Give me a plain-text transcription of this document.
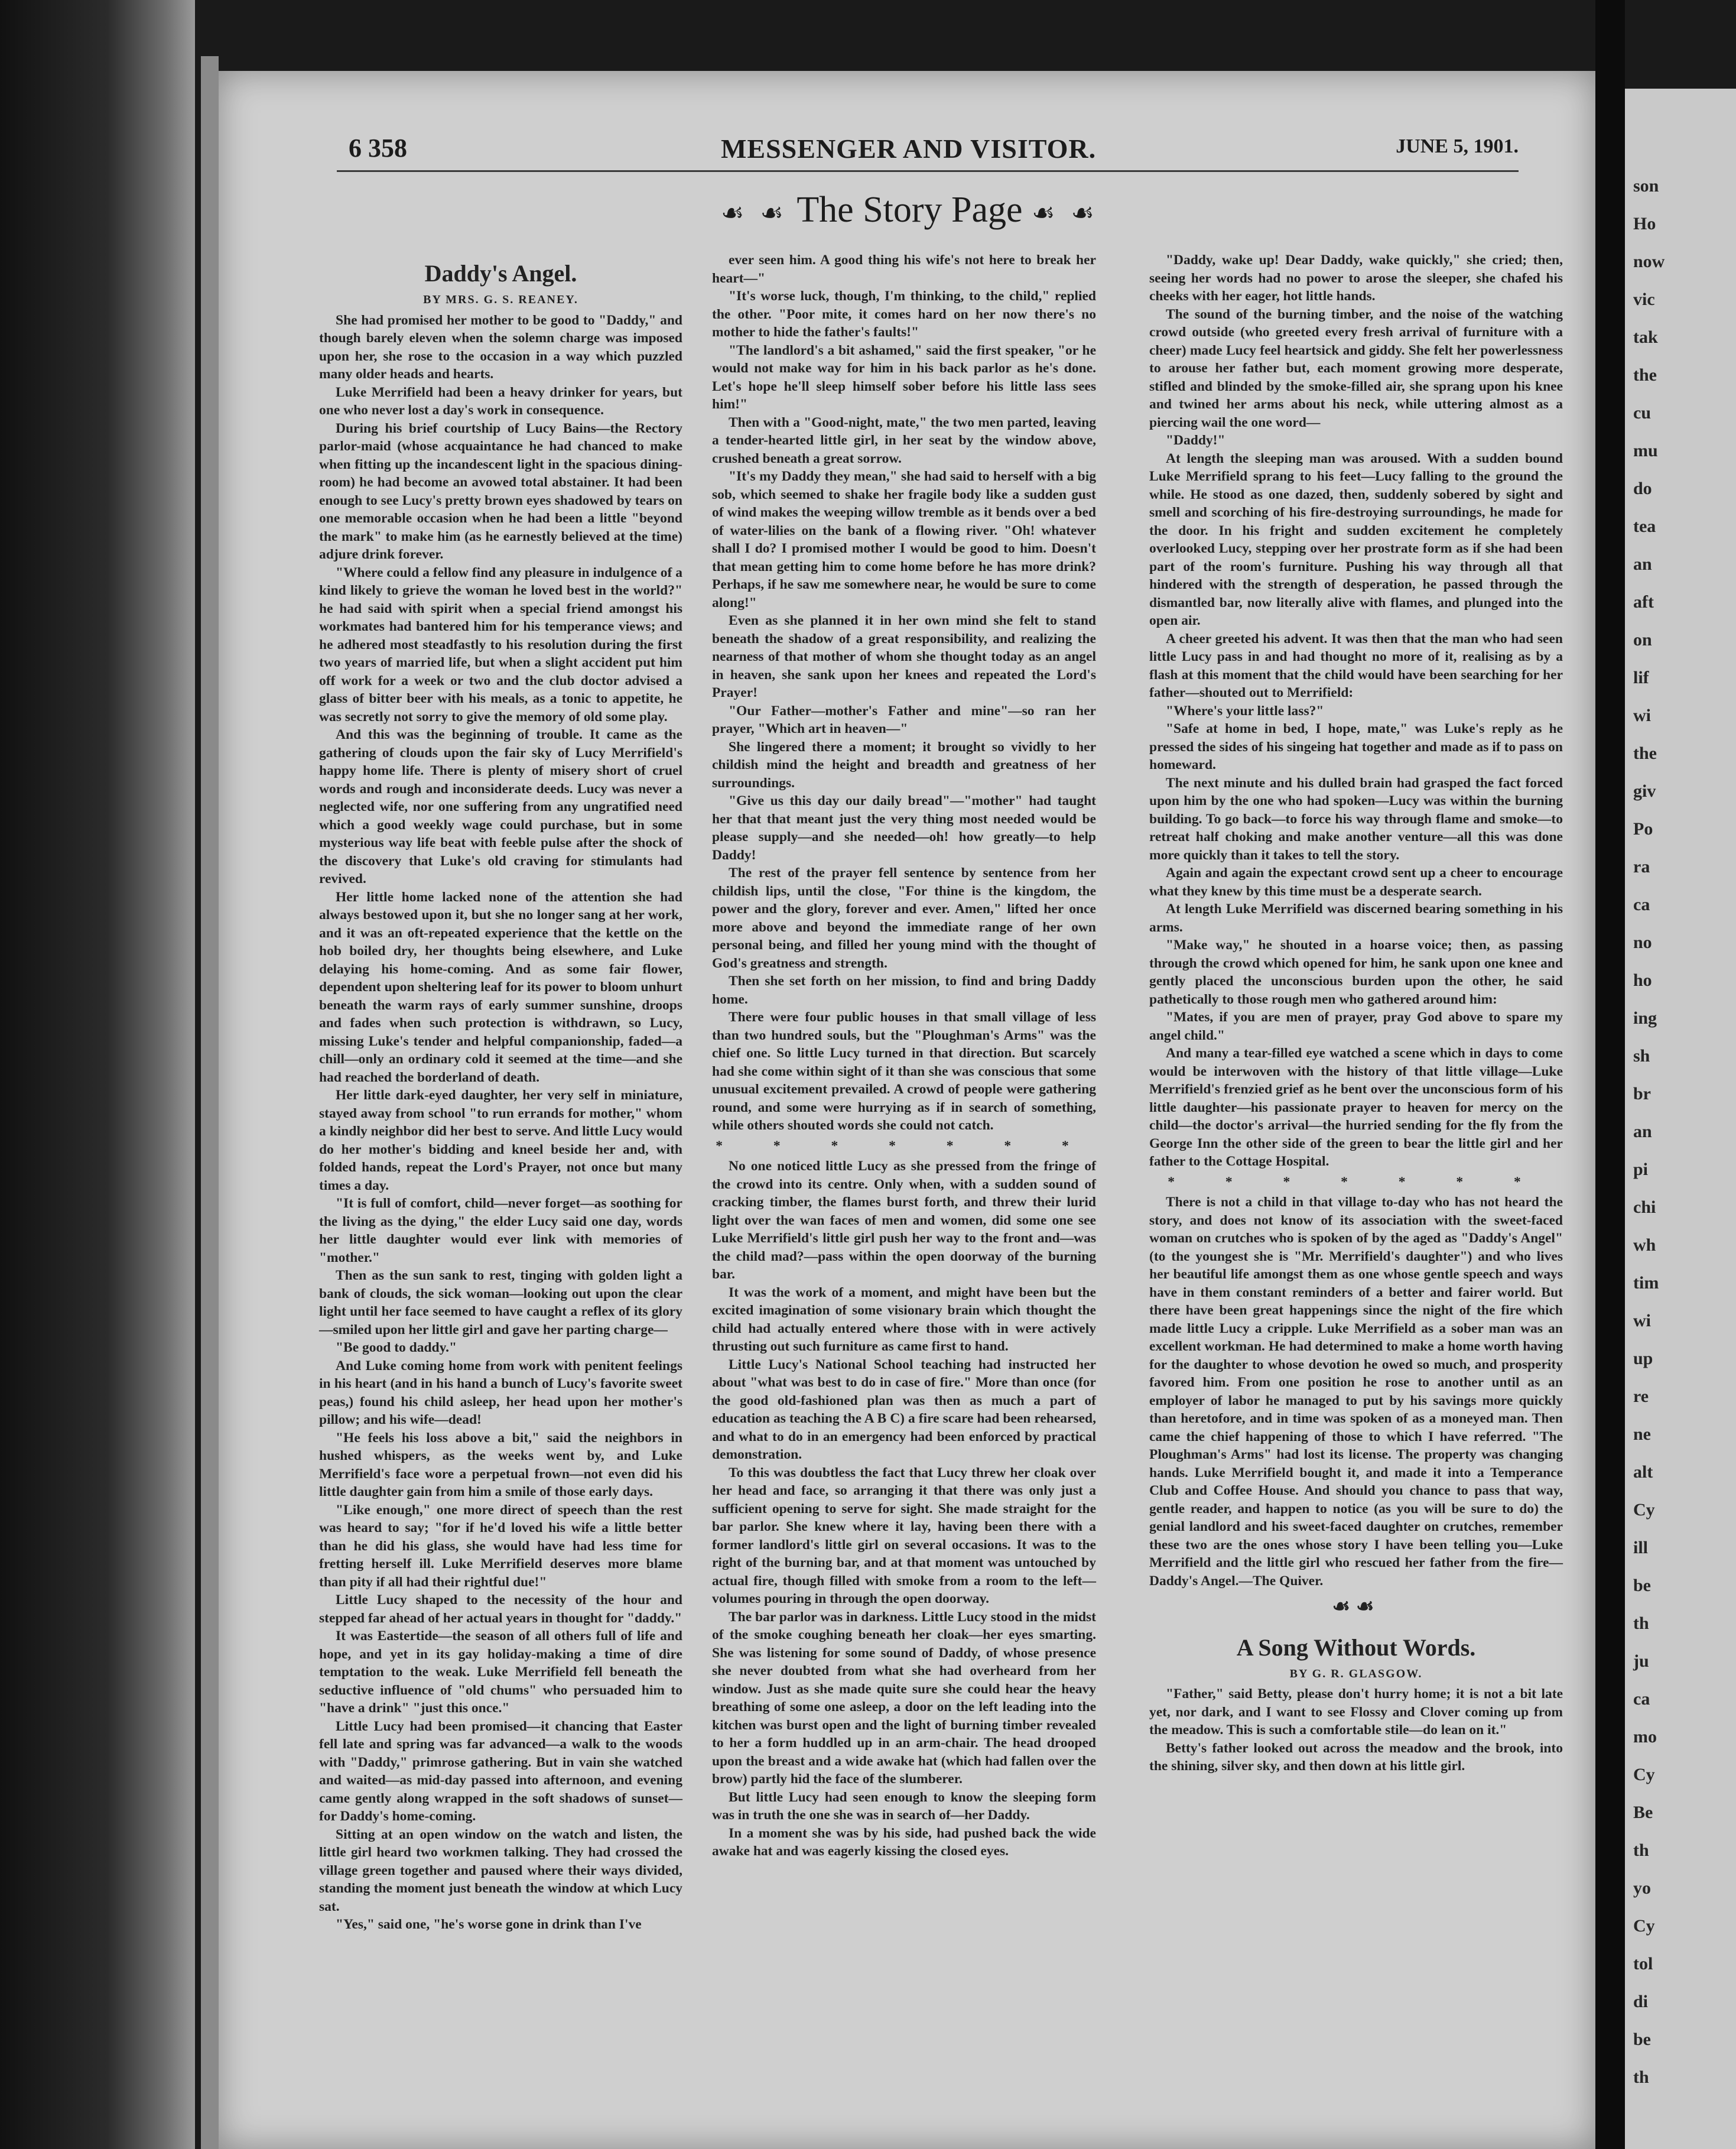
6 358	MESSENGER AND VISITOR.	JUNE 5, 1901.
☙ ☙ The Story Page ☙ ☙

Daddy's Angel.

BY MRS. G. S. REANEY.

She had promised her mother to be good to "Daddy," and though barely eleven when the solemn charge was imposed upon her, she rose to the occasion in a way which puzzled many older heads and hearts.

Luke Merrifield had been a heavy drinker for years, but one who never lost a day's work in consequence.

During his brief courtship of Lucy Bains—the Rectory parlor-maid (whose acquaintance he had chanced to make when fitting up the incandescent light in the spacious dining-room) he had become an avowed total abstainer. It had been enough to see Lucy's pretty brown eyes shadowed by tears on one memorable occasion when he had been a little "beyond the mark" to make him (as he earnestly believed at the time) adjure drink forever.

"Where could a fellow find any pleasure in indulgence of a kind likely to grieve the woman he loved best in the world?" he had said with spirit when a special friend amongst his workmates had bantered him for his temperance views; and he adhered most steadfastly to his resolution during the first two years of married life, but when a slight accident put him off work for a week or two and the club doctor advised a glass of bitter beer with his meals, as a tonic to appetite, he was secretly not sorry to give the memory of old some play.

And this was the beginning of trouble. It came as the gathering of clouds upon the fair sky of Lucy Merrifield's happy home life. There is plenty of misery short of cruel words and rough and inconsiderate deeds. Lucy was never a neglected wife, nor one suffering from any ungratified need which a good weekly wage could purchase, but in some mysterious way life beat with feeble pulse after the shock of the discovery that Luke's old craving for stimulants had revived.

Her little home lacked none of the attention she had always bestowed upon it, but she no longer sang at her work, and it was an oft-repeated experience that the kettle on the hob boiled dry, her thoughts being elsewhere, and Luke delaying his home-coming. And as some fair flower, dependent upon sheltering leaf for its power to bloom unhurt beneath the warm rays of early summer sunshine, droops and fades when such protection is withdrawn, so Lucy, missing Luke's tender and helpful companionship, faded—a chill—only an ordinary cold it seemed at the time—and she had reached the borderland of death.

Her little dark-eyed daughter, her very self in miniature, stayed away from school "to run errands for mother," whom a kindly neighbor did her best to serve. And little Lucy would do her mother's bidding and kneel beside her and, with folded hands, repeat the Lord's Prayer, not once but many times a day.

"It is full of comfort, child—never forget—as soothing for the living as the dying," the elder Lucy said one day, words her little daughter would ever link with memories of "mother."

Then as the sun sank to rest, tinging with golden light a bank of clouds, the sick woman—looking out upon the clear light until her face seemed to have caught a reflex of its glory—smiled upon her little girl and gave her parting charge—

"Be good to daddy."

And Luke coming home from work with penitent feelings in his heart (and in his hand a bunch of Lucy's favorite sweet peas,) found his child asleep, her head upon her mother's pillow; and his wife—dead!

"He feels his loss above a bit," said the neighbors in hushed whispers, as the weeks went by, and Luke Merrifield's face wore a perpetual frown—not even did his little daughter gain from him a smile of those early days.

"Like enough," one more direct of speech than the rest was heard to say; "for if he'd loved his wife a little better than he did his glass, she would have had less time for fretting herself ill. Luke Merrifield deserves more blame than pity if all had their rightful due!"

Little Lucy shaped to the necessity of the hour and stepped far ahead of her actual years in thought for "daddy."

It was Eastertide—the season of all others full of life and hope, and yet in its gay holiday-making a time of dire temptation to the weak. Luke Merrifield fell beneath the seductive influence of "old chums" who persuaded him to "have a drink" "just this once."

Little Lucy had been promised—it chancing that Easter fell late and spring was far advanced—a walk to the woods with "Daddy," primrose gathering. But in vain she watched and waited—as mid-day passed into afternoon, and evening came gently along wrapped in the soft shadows of sunset—for Daddy's home-coming.

Sitting at an open window on the watch and listen, the little girl heard two workmen talking. They had crossed the village green together and paused where their ways divided, standing the moment just beneath the window at which Lucy sat.

"Yes," said one, "he's worse gone in drink than I've

ever seen him. A good thing his wife's not here to break her heart—"

"It's worse luck, though, I'm thinking, to the child," replied the other. "Poor mite, it comes hard on her now there's no mother to hide the father's faults!"

"The landlord's a bit ashamed," said the first speaker, "or he would not make way for him in his back parlor as he's done. Let's hope he'll sleep himself sober before his little lass sees him!"

Then with a "Good-night, mate," the two men parted, leaving a tender-hearted little girl, in her seat by the window above, crushed beneath a great sorrow.

"It's my Daddy they mean," she had said to herself with a big sob, which seemed to shake her fragile body like a sudden gust of wind makes the weeping willow tremble as it bends over a bed of water-lilies on the bank of a flowing river. "Oh! whatever shall I do? I promised mother I would be good to him. Doesn't that mean getting him to come home before he has more drink? Perhaps, if he saw me somewhere near, he would be sure to come along!"

Even as she planned it in her own mind she felt to stand beneath the shadow of a great responsibility, and realizing the nearness of that mother of whom she thought today as an angel in heaven, she sank upon her knees and repeated the Lord's Prayer!

"Our Father—mother's Father and mine"—so ran her prayer, "Which art in heaven—"

She lingered there a moment; it brought so vividly to her childish mind the height and breadth and greatness of her surroundings.

"Give us this day our daily bread"—"mother" had taught her that that meant just the very thing most needed would be please supply—and she needed—oh! how greatly—to help Daddy!

The rest of the prayer fell sentence by sentence from her childish lips, until the close, "For thine is the kingdom, the power and the glory, forever and ever. Amen," lifted her once more above and beyond the immediate range of her own personal being, and filled her young mind with the thought of God's greatness and strength.

Then she set forth on her mission, to find and bring Daddy home.

There were four public houses in that small village of less than two hundred souls, but the "Ploughman's Arms" was the chief one. So little Lucy turned in that direction. But scarcely had she come within sight of it than she was conscious that some unusual excitement prevailed. A crowd of people were gathering round, and some were hurrying as if in search of something, while others shouted words she could not catch.

* * * * * * *

No one noticed little Lucy as she pressed from the fringe of the crowd into its centre. Only when, with a sudden sound of cracking timber, the flames burst forth, and threw their lurid light over the wan faces of men and women, did some one see Luke Merrifield's little girl push her way to the front and—was the child mad?—pass within the open doorway of the burning bar.

It was the work of a moment, and might have been but the excited imagination of some visionary brain which thought the child had actually entered where those with in were actively thrusting out such furniture as came first to hand.

Little Lucy's National School teaching had instructed her about "what was best to do in case of fire." More than once (for the good old-fashioned plan was then as much a part of education as teaching the A B C) a fire scare had been rehearsed, and what to do in an emergency had been enforced by practical demonstration.

To this was doubtless the fact that Lucy threw her cloak over her head and face, so arranging it that there was only just a sufficient opening to serve for sight. She made straight for the bar parlor. She knew where it lay, having been there with a former landlord's little girl on several occasions. It was to the right of the burning bar, and at that moment was untouched by actual fire, though filled with smoke from a room to the left—volumes pouring in through the open doorway.

The bar parlor was in darkness. Little Lucy stood in the midst of the smoke coughing beneath her cloak—her eyes smarting. She was listening for some sound of Daddy, of whose presence she never doubted from what she had overheard from her window. Just as she made quite sure she could hear the heavy breathing of some one asleep, a door on the left leading into the kitchen was burst open and the light of burning timber revealed to her a form huddled up in an arm-chair. The head drooped upon the breast and a wide awake hat (which had fallen over the brow) partly hid the face of the slumberer.

But little Lucy had seen enough to know the sleeping form was in truth the one she was in search of—her Daddy.

In a moment she was by his side, had pushed back the wide awake hat and was eagerly kissing the closed eyes.

"Daddy, wake up! Dear Daddy, wake quickly," she cried; then, seeing her words had no power to arose the sleeper, she chafed his cheeks with her eager, hot little hands.

The sound of the burning timber, and the noise of the watching crowd outside (who greeted every fresh arrival of furniture with a cheer) made Lucy feel heartsick and giddy. She felt her powerlessness to arouse her father but, each moment growing more desperate, stifled and blinded by the smoke-filled air, she sprang upon his knee and twined her arms about his neck, while uttering almost as a piercing wail the one word—

"Daddy!"

At length the sleeping man was aroused. With a sudden bound Luke Merrifield sprang to his feet—Lucy falling to the ground the while. He stood as one dazed, then, suddenly sobered by sight and smell and scorching of his fire-destroying surroundings, he made for the door. In his fright and sudden excitement he completely overlooked Lucy, stepping over her prostrate form as if she had been part of the room's furniture. Pushing his way through all that hindered with the strength of desperation, he passed through the dismantled bar, now literally alive with flames, and plunged into the open air.

A cheer greeted his advent. It was then that the man who had seen little Lucy pass in and had thought no more of it, realising as by a flash at this moment that the child would have been searching for her father—shouted out to Merrifield:

"Where's your little lass?"

"Safe at home in bed, I hope, mate," was Luke's reply as he pressed the sides of his singeing hat together and made as if to pass on homeward.

The next minute and his dulled brain had grasped the fact forced upon him by the one who had spoken—Lucy was within the burning building. To go back—to force his way through flame and smoke—to retreat half choking and make another venture—all this was done more quickly than it takes to tell the story.

Again and again the expectant crowd sent up a cheer to encourage what they knew by this time must be a desperate search.

At length Luke Merrifield was discerned bearing something in his arms.

"Make way," he shouted in a hoarse voice; then, as passing through the crowd which opened for him, he sank upon one knee and gently placed the unconscious burden upon the other, he said pathetically to those rough men who gathered around him:

"Mates, if you are men of prayer, pray God above to spare my angel child."

And many a tear-filled eye watched a scene which in days to come would be interwoven with the history of that little village—Luke Merrifield's frenzied grief as he bent over the unconscious form of his little daughter—his passionate prayer to heaven for mercy on the child—the doctor's arrival—the hurried sending for the fly from the George Inn the other side of the green to bear the little girl and her father to the Cottage Hospital.

* * * * * * *

There is not a child in that village to-day who has not heard the story, and does not know of its association with the sweet-faced woman on crutches who is spoken of by the aged as "Daddy's Angel" (to the youngest she is "Mr. Merrifield's daughter") and who lives her beautiful life amongst them as one whose gentle speech and ways have in them constant reminders of a better and fairer world. But there have been great happenings since the night of the fire which made little Lucy a cripple. Luke Merrifield as a sober man was an excellent workman. He had determined to make a home worth having for the daughter to whose devotion he owed so much, and prosperity favored him. From one position he rose to another until as an employer of labor he managed to put by his savings more quickly than heretofore, and in time was spoken of as a moneyed man. Then came the chief happening of those to which I have referred. "The Ploughman's Arms" had lost its license. The property was changing hands. Luke Merrifield bought it, and made it into a Temperance Club and Coffee House. And should you chance to pass that way, gentle reader, and happen to notice (as you will be sure to do) the genial landlord and his sweet-faced daughter on crutches, remember these two are the ones whose story I have been telling you—Luke Merrifield and the little girl who rescued her father from the fire—Daddy's Angel.—The Quiver.

☙☙

A Song Without Words.

BY G. R. GLASGOW.

"Father," said Betty, please don't hurry home; it is not a bit late yet, nor dark, and I want to see Flossy and Clover coming up from the meadow. This is such a comfortable stile—do lean on it."

Betty's father looked out across the meadow and the brook, into the shining, silver sky, and then down at his little girl.

son
Ho
now
vic
tak
the
cu
mu
do
tea
an
aft
on
lif
wi
the
giv
Po
ra
ca
no
ho
ing
sh
br
an
pi
chi
wh
tim
wi
up
re
ne
alt
Cy
ill
be
th
ju
ca
mo
Cy
Be
th
yo
Cy
tol
di
be
th
